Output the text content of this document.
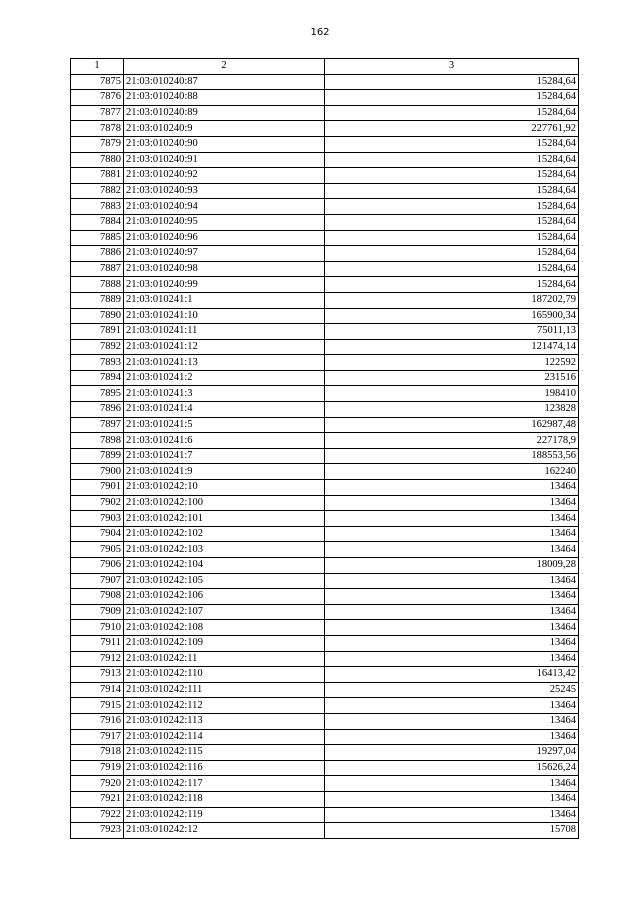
162
1	2	3
7875	21:03:010240:87	15284,64
7876	21:03:010240:88	15284,64
7877	21:03:010240:89	15284,64
7878	21:03:010240:9	227761,92
7879	21:03:010240:90	15284,64
7880	21:03:010240:91	15284,64
7881	21:03:010240:92	15284,64
7882	21:03:010240:93	15284,64
7883	21:03:010240:94	15284,64
7884	21:03:010240:95	15284,64
7885	21:03:010240:96	15284,64
7886	21:03:010240:97	15284,64
7887	21:03:010240:98	15284,64
7888	21:03:010240:99	15284,64
7889	21:03:010241:1	187202,79
7890	21:03:010241:10	165900,34
7891	21:03:010241:11	75011,13
7892	21:03:010241:12	121474,14
7893	21:03:010241:13	122592
7894	21:03:010241:2	231516
7895	21:03:010241:3	198410
7896	21:03:010241:4	123828
7897	21:03:010241:5	162987,48
7898	21:03:010241:6	227178,9
7899	21:03:010241:7	188553,56
7900	21:03:010241:9	162240
7901	21:03:010242:10	13464
7902	21:03:010242:100	13464
7903	21:03:010242:101	13464
7904	21:03:010242:102	13464
7905	21:03:010242:103	13464
7906	21:03:010242:104	18009,28
7907	21:03:010242:105	13464
7908	21:03:010242:106	13464
7909	21:03:010242:107	13464
7910	21:03:010242:108	13464
7911	21:03:010242:109	13464
7912	21:03:010242:11	13464
7913	21:03:010242:110	16413,42
7914	21:03:010242:111	25245
7915	21:03:010242:112	13464
7916	21:03:010242:113	13464
7917	21:03:010242:114	13464
7918	21:03:010242:115	19297,04
7919	21:03:010242:116	15626,24
7920	21:03:010242:117	13464
7921	21:03:010242:118	13464
7922	21:03:010242:119	13464
7923	21:03:010242:12	15708
